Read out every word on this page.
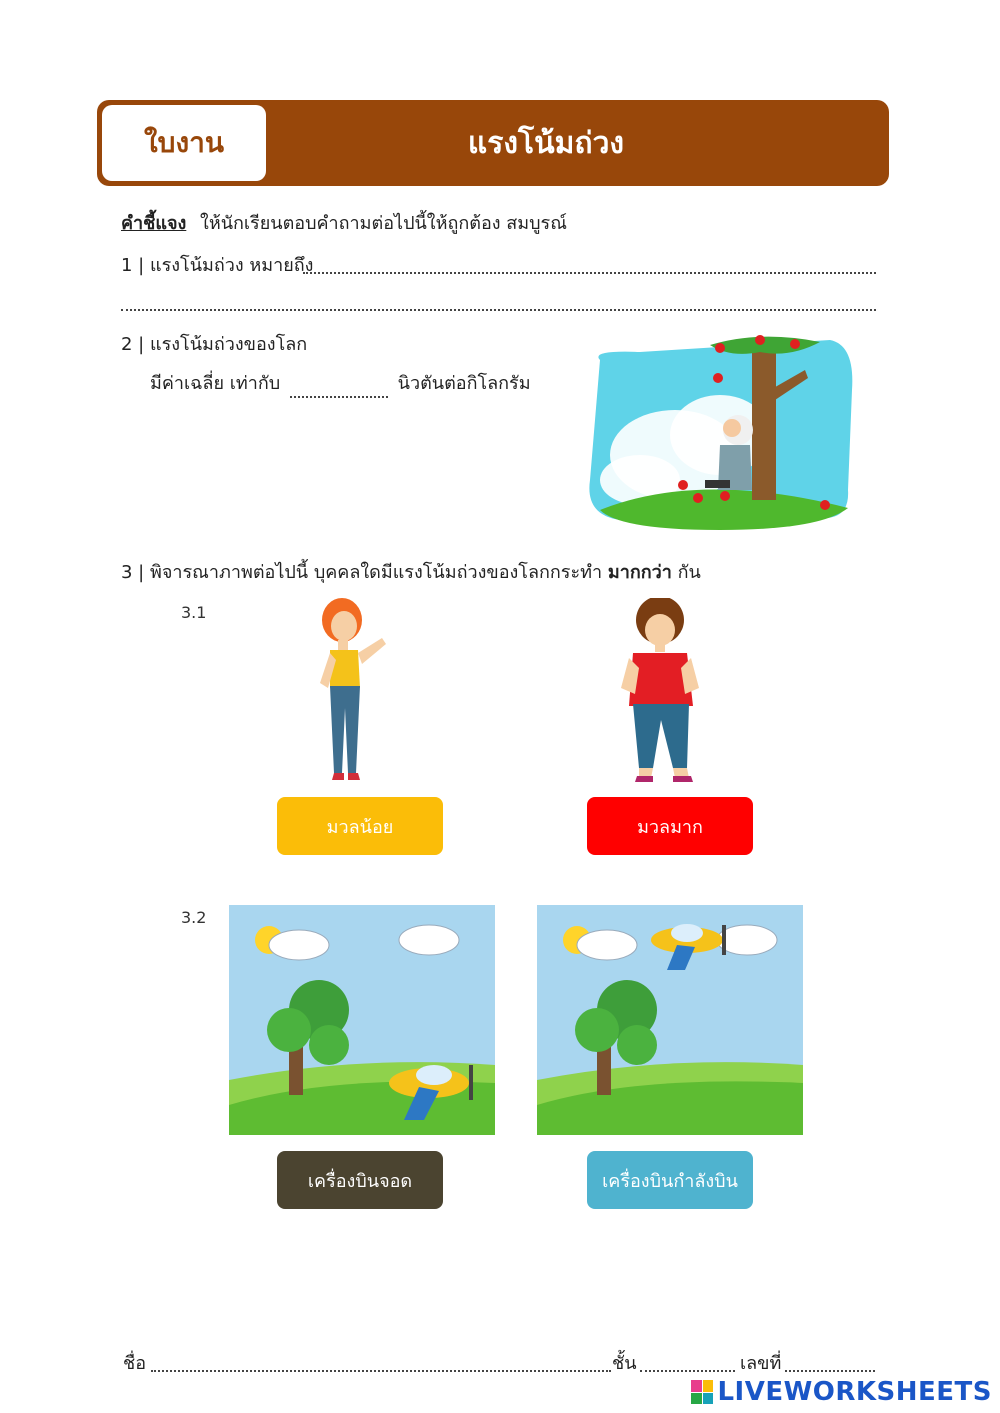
ใบงาน	แรงโน้มถ่วง
คำชี้แจง ให้นักเรียนตอบคำถามต่อไปนี้ให้ถูกต้อง สมบูรณ์
1 | แรงโน้มถ่วง หมายถึง
2 | แรงโน้มถ่วงของโลก
มีค่าเฉลี่ย เท่ากับ	นิวตันต่อกิโลกรัม
3 | พิจารณาภาพต่อไปนี้ บุคคลใดมีแรงโน้มถ่วงของโลกกระทำ มากกว่า กัน
3.1
มวลน้อย	มวลมาก
3.2
เครื่องบินจอด	เครื่องบินกำลังบิน
ชื่อ	ชั้น	เลขที่
LIVEWORKSHEETS
